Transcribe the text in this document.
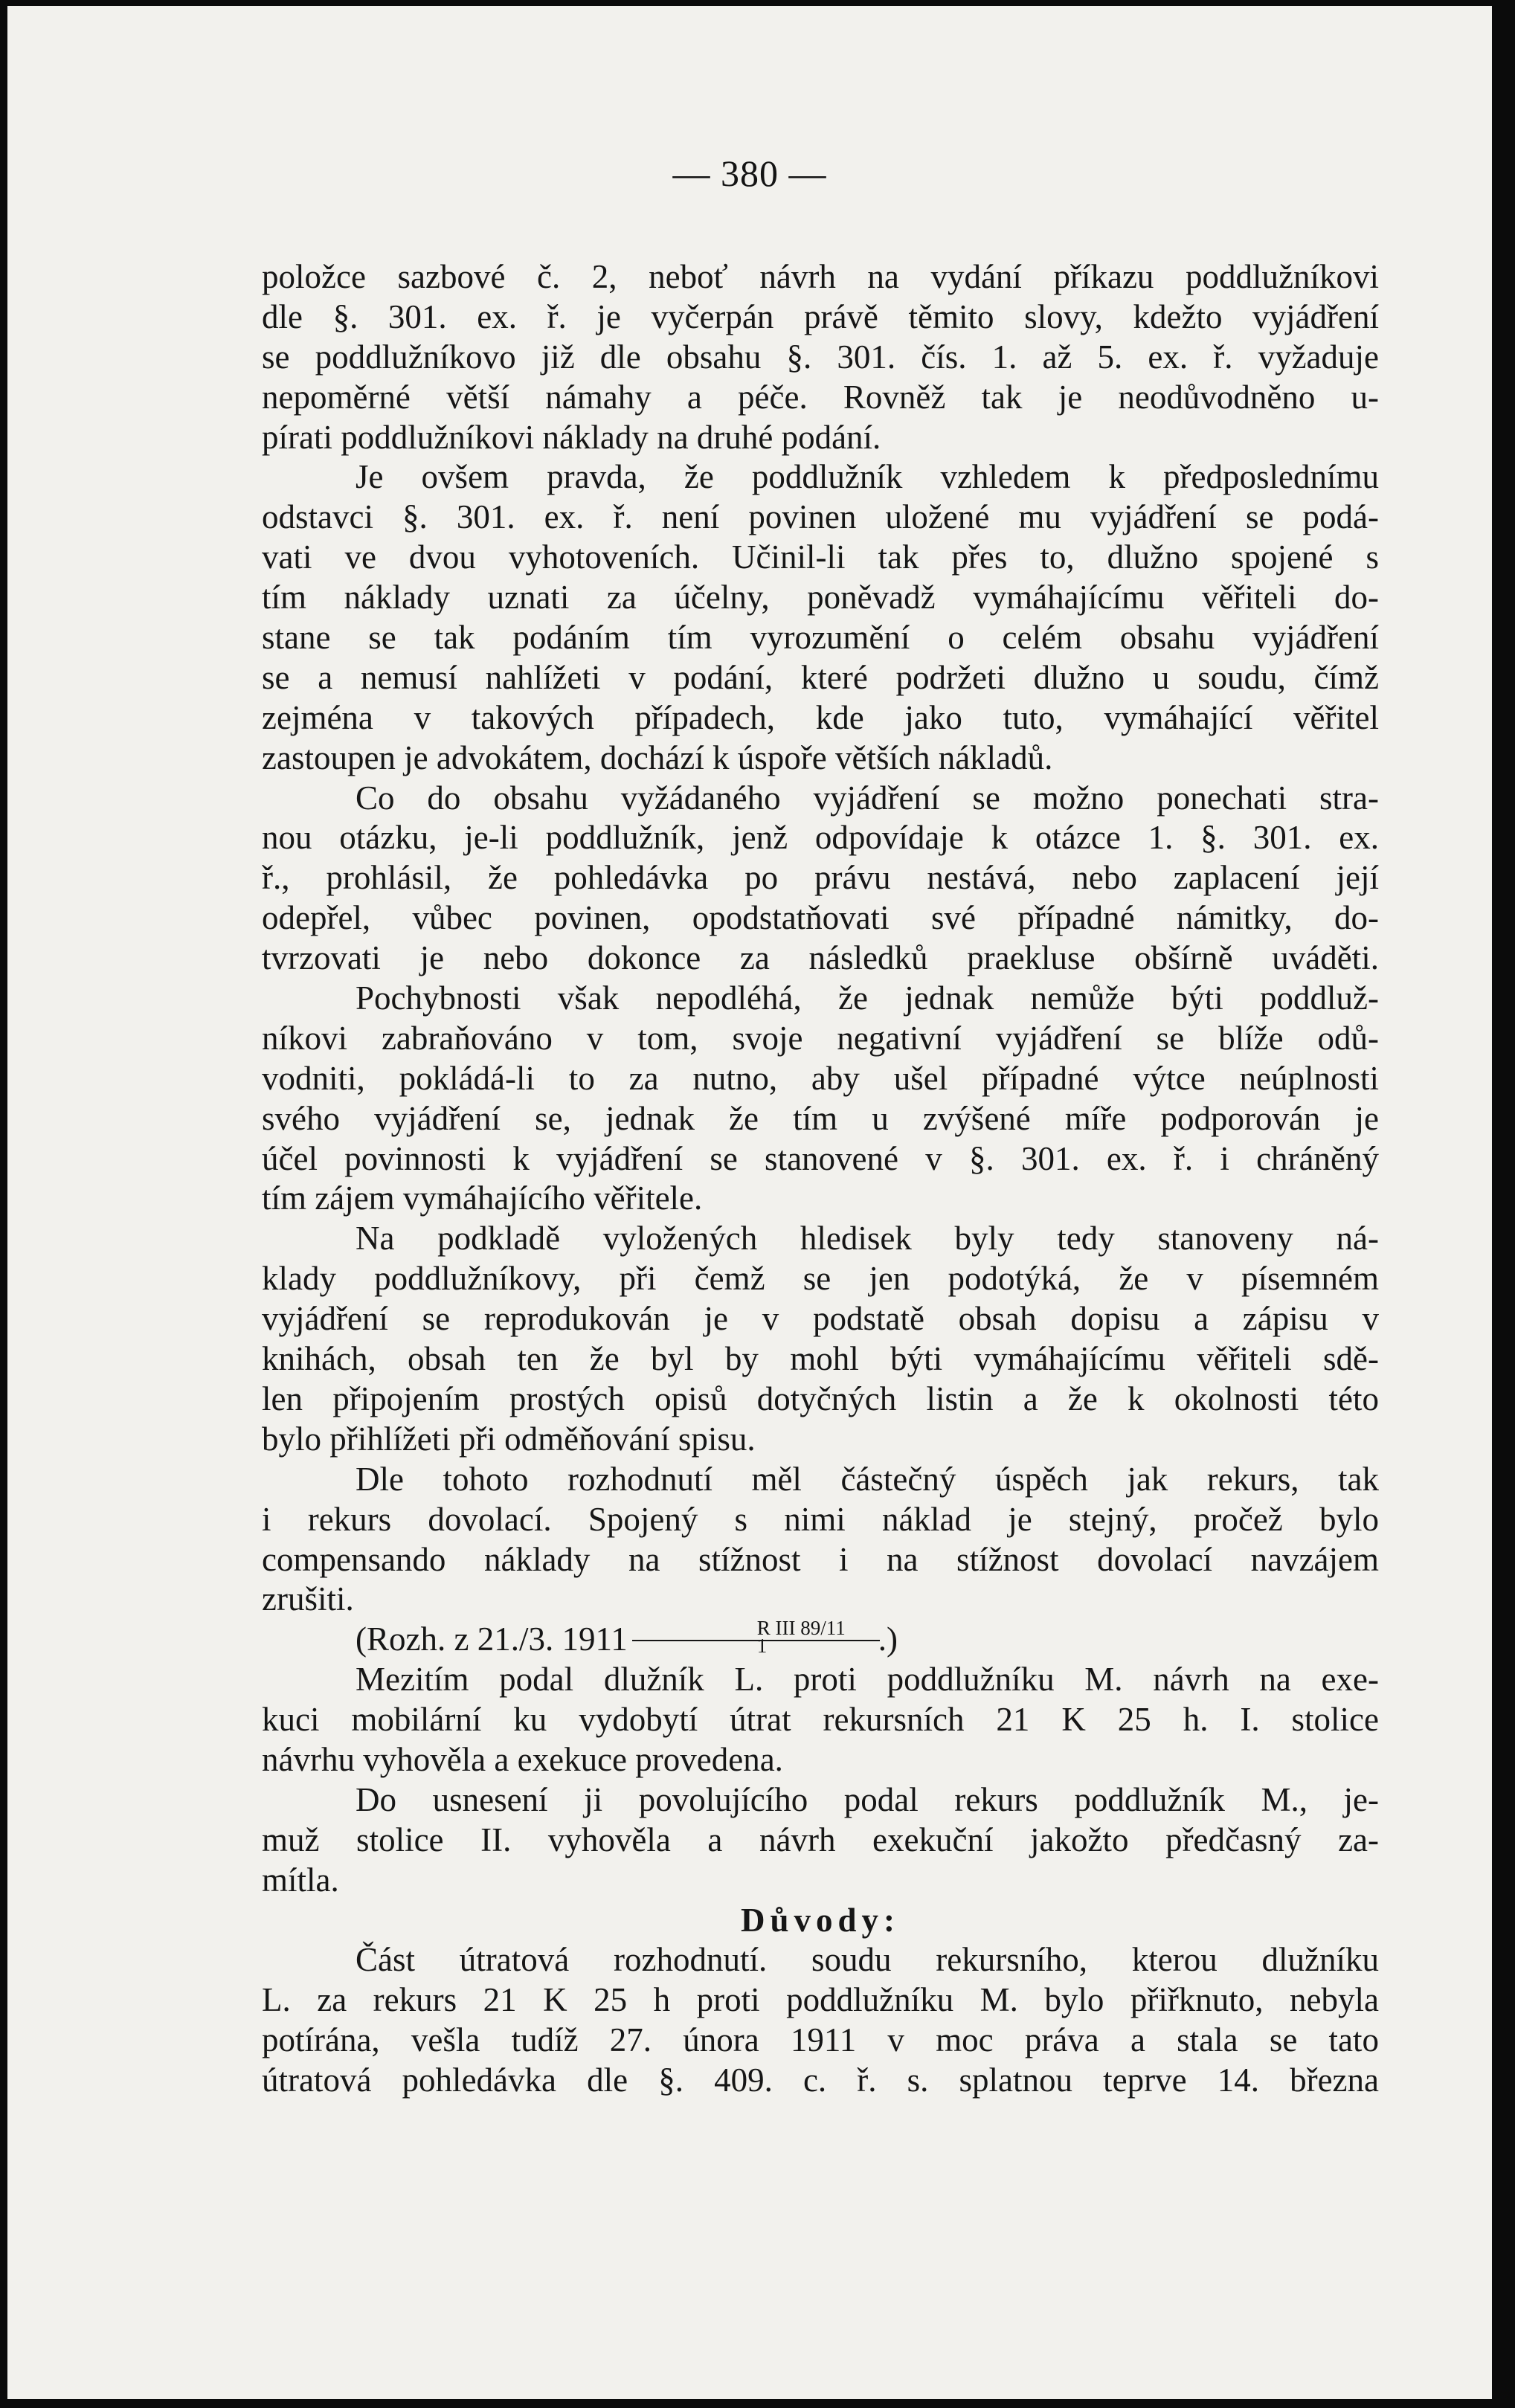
— 380 —
položce sazbové č. 2, neboť návrh na vydání příkazu poddlužníkovi
dle §. 301. ex. ř. je vyčerpán právě těmito slovy, kdežto vyjádření
se poddlužníkovo již dle obsahu §. 301. čís. 1. až 5. ex. ř. vyžaduje
nepoměrné větší námahy a péče. Rovněž tak je neodůvodněno u-
pírati poddlužníkovi náklady na druhé podání.
Je ovšem pravda, že poddlužník vzhledem k předposlednímu
odstavci §. 301. ex. ř. není povinen uložené mu vyjádření se podá-
vati ve dvou vyhotoveních. Učinil-li tak přes to, dlužno spojené s
tím náklady uznati za účelny, poněvadž vymáhajícímu věřiteli do-
stane se tak podáním tím vyrozumění o celém obsahu vyjádření
se a nemusí nahlížeti v podání, které podržeti dlužno u soudu, čímž
zejména v takových případech, kde jako tuto, vymáhající věřitel
zastoupen je advokátem, dochází k úspoře větších nákladů.
Co do obsahu vyžádaného vyjádření se možno ponechati stra-
nou otázku, je-li poddlužník, jenž odpovídaje k otázce 1. §. 301. ex.
ř., prohlásil, že pohledávka po právu nestává, nebo zaplacení její
odepřel, vůbec povinen, opodstatňovati své případné námitky, do-
tvrzovati je nebo dokonce za následků praekluse obšírně uváděti.
Pochybnosti však nepodléhá, že jednak nemůže býti poddluž-
níkovi zabraňováno v tom, svoje negativní vyjádření se blíže odů-
vodniti, pokládá-li to za nutno, aby ušel případné výtce neúplnosti
svého vyjádření se, jednak že tím u zvýšené míře podporován je
účel povinnosti k vyjádření se stanovené v §. 301. ex. ř. i chráněný
tím zájem vymáhajícího věřitele.
Na podkladě vyložených hledisek byly tedy stanoveny ná-
klady poddlužníkovy, při čemž se jen podotýká, že v písemném
vyjádření se reprodukován je v podstatě obsah dopisu a zápisu v
knihách, obsah ten že byl by mohl býti vymáhajícímu věřiteli sdě-
len připojením prostých opisů dotyčných listin a že k okolnosti této
bylo přihlížeti při odměňování spisu.
Dle tohoto rozhodnutí měl částečný úspěch jak rekurs, tak
i rekurs dovolací. Spojený s nimi náklad je stejný, pročež bylo
compensando náklady na stížnost i na stížnost dovolací navzájem
zrušiti.
(Rozh. z 21./3. 1911	R III 89/11
1	.)
Mezitím podal dlužník L. proti poddlužníku M. návrh na exe-
kuci mobilární ku vydobytí útrat rekursních 21 K 25 h. I. stolice
návrhu vyhověla a exekuce provedena.
Do usnesení ji povolujícího podal rekurs poddlužník M., je-
muž stolice II. vyhověla a návrh exekuční jakožto předčasný za-
mítla.
Důvody:
Část útratová rozhodnutí. soudu rekursního, kterou dlužníku
L. za rekurs 21 K 25 h proti poddlužníku M. bylo přiřknuto, nebyla
potírána, vešla tudíž 27. února 1911 v moc práva a stala se tato
útratová pohledávka dle §. 409. c. ř. s. splatnou teprve 14. března
